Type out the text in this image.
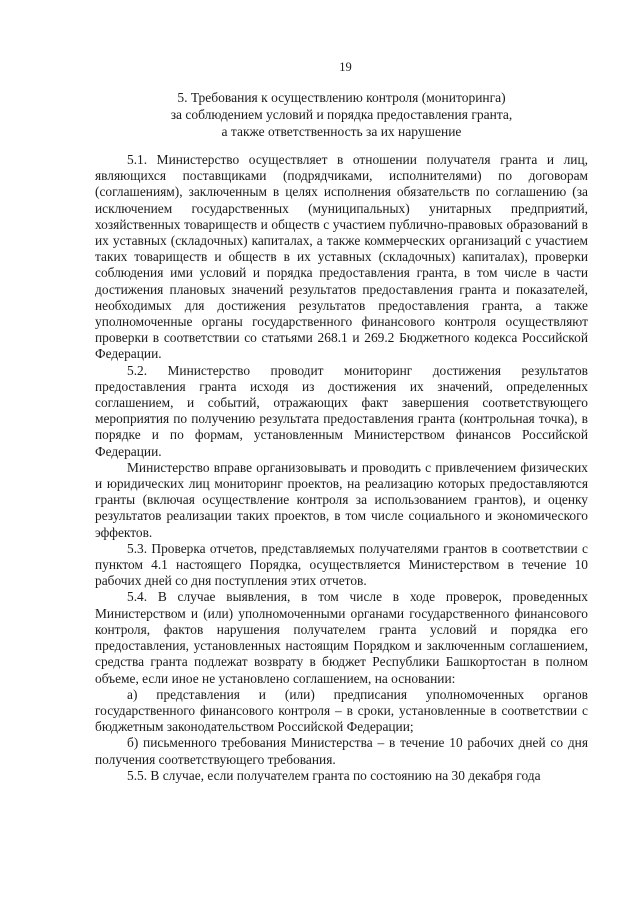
19
5. Требования к осуществлению контроля (мониторинга)
за соблюдением условий и порядка предоставления гранта,
а также ответственность за их нарушение

5.1. Министерство осуществляет в отношении получателя гранта и лиц, являющихся поставщиками (подрядчиками, исполнителями) по договорам (соглашениям), заключенным в целях исполнения обязательств по соглашению (за исключением государственных (муниципальных) унитарных предприятий, хозяйственных товариществ и обществ с участием публично-правовых образований в их уставных (складочных) капиталах, а также коммерческих организаций с участием таких товариществ и обществ в их уставных (складочных) капиталах), проверки соблюдения ими условий и порядка предоставления гранта, в том числе в части достижения плановых значений результатов предоставления гранта и показателей, необходимых для достижения результатов предоставления гранта, а также уполномоченные органы государственного финансового контроля осуществляют проверки в соответствии со статьями 268.1 и 269.2 Бюджетного кодекса Российской Федерации.

5.2. Министерство проводит мониторинг достижения результатов предоставления гранта исходя из достижения их значений, определенных соглашением, и событий, отражающих факт завершения соответствующего мероприятия по получению результата предоставления гранта (контрольная точка), в порядке и по формам, установленным Министерством финансов Российской Федерации.

Министерство вправе организовывать и проводить с привлечением физических и юридических лиц мониторинг проектов, на реализацию которых предоставляются гранты (включая осуществление контроля за использованием грантов), и оценку результатов реализации таких проектов, в том числе социального и экономического эффектов.

5.3. Проверка отчетов, представляемых получателями грантов в соответствии с пунктом 4.1 настоящего Порядка, осуществляется Министерством в течение 10 рабочих дней со дня поступления этих отчетов.

5.4. В случае выявления, в том числе в ходе проверок, проведенных Министерством и (или) уполномоченными органами государственного финансового контроля, фактов нарушения получателем гранта условий и порядка его предоставления, установленных настоящим Порядком и заключенным соглашением, средства гранта подлежат возврату в бюджет Республики Башкортостан в полном объеме, если иное не установлено соглашением, на основании:

а) представления и (или) предписания уполномоченных органов государственного финансового контроля – в сроки, установленные в соответствии с бюджетным законодательством Российской Федерации;

б) письменного требования Министерства – в течение 10 рабочих дней со дня получения соответствующего требования.

5.5. В случае, если получателем гранта по состоянию на 30 декабря года
